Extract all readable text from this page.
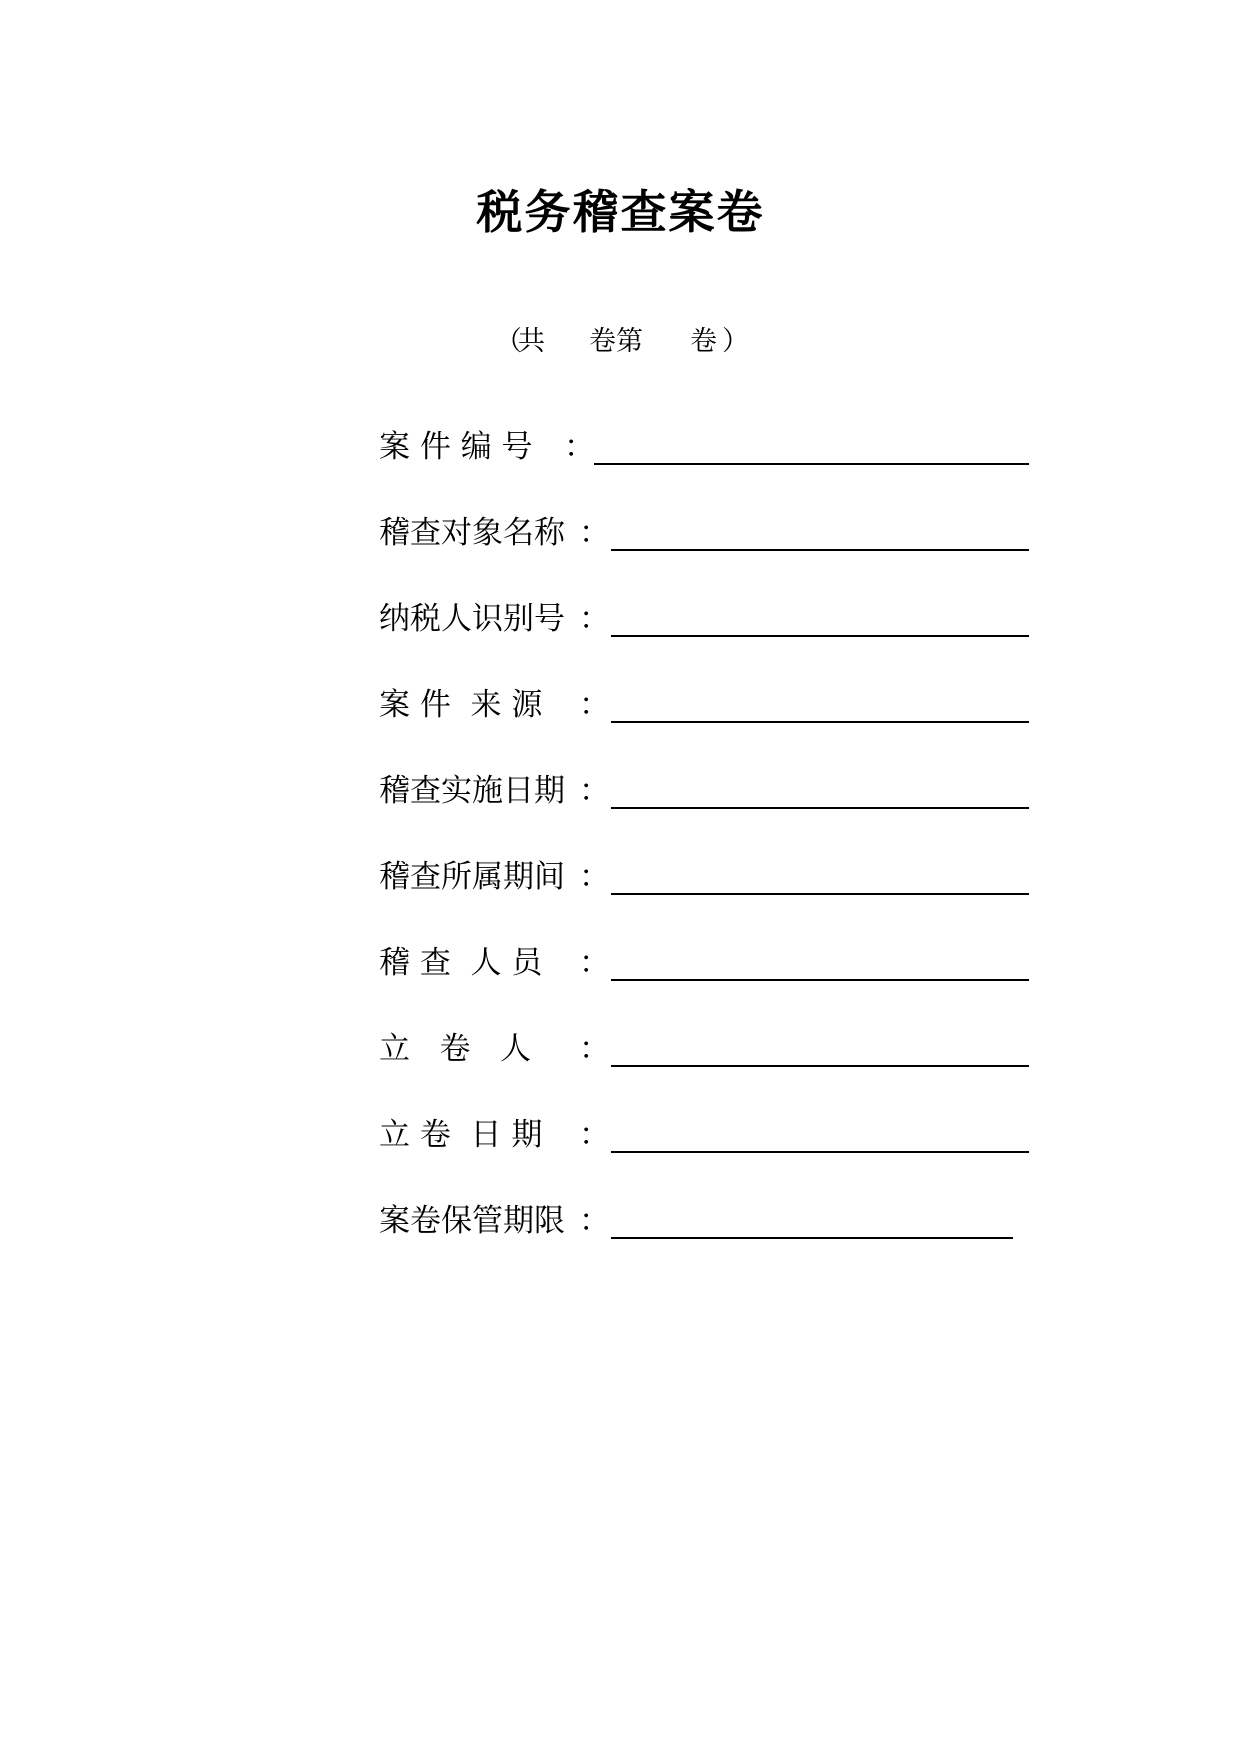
税务稽查案卷
（
共 卷第 卷 ）
案 件 编 号	：
稽查对象名称 ：
纳税人识别号 ：
案 件  来 源	：
稽查实施日期 ：
稽查所属期间 ：
稽 查  人 员	：
立   卷   人	：
立 卷  日 期	：
案卷保管期限 ：
